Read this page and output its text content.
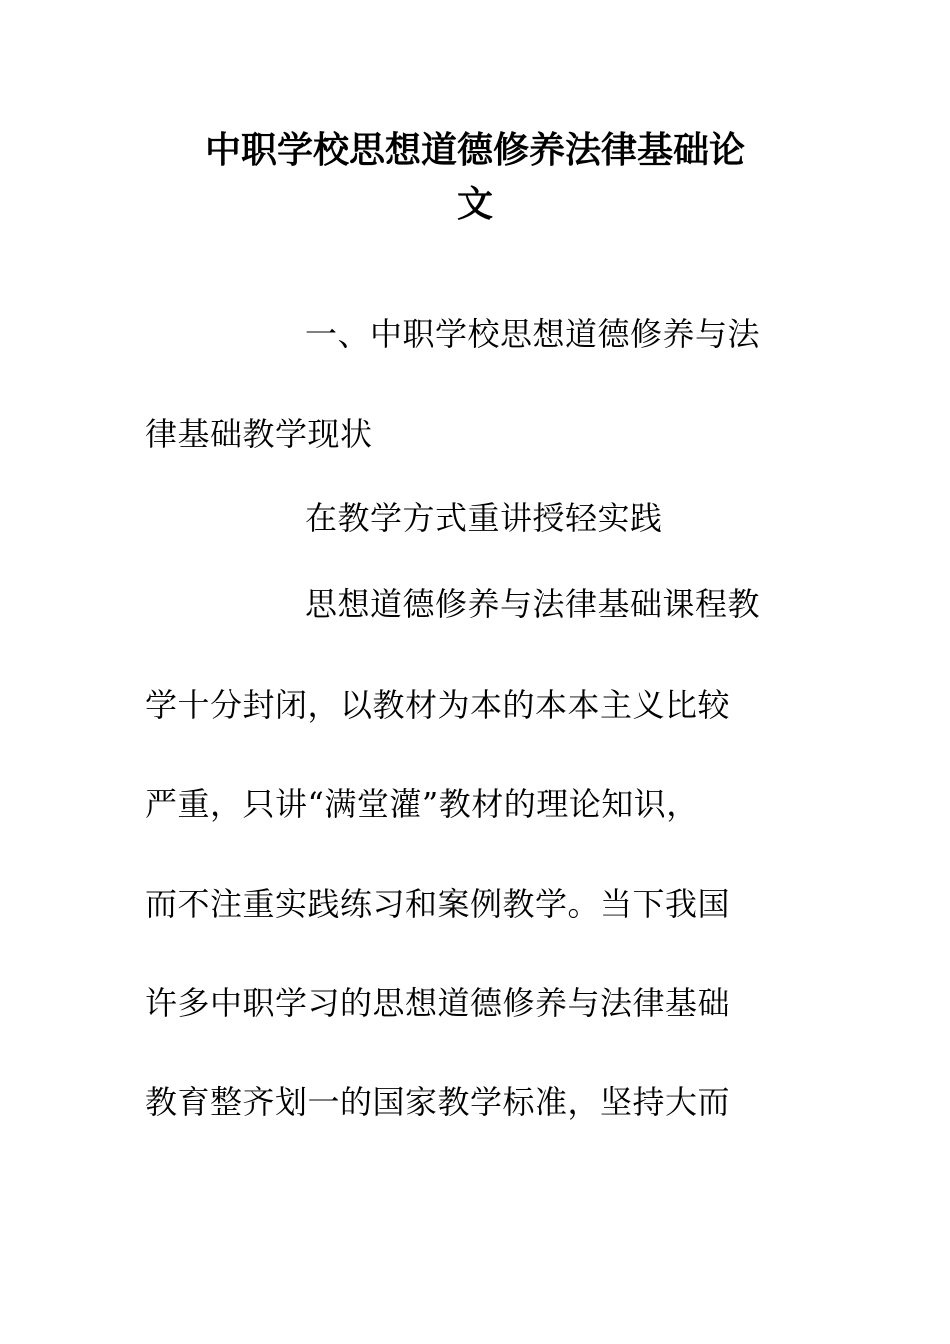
中职学校思想道德修养法律基础论
文
一、中职学校思想道德修养与法
律基础教学现状
在教学方式重讲授轻实践
思想道德修养与法律基础课程教
学十分封闭，以教材为本的本本主义比较
严重，只讲“满堂灌”教材的理论知识，
而不注重实践练习和案例教学。当下我国
许多中职学习的思想道德修养与法律基础
教育整齐划一的国家教学标准，坚持大而
